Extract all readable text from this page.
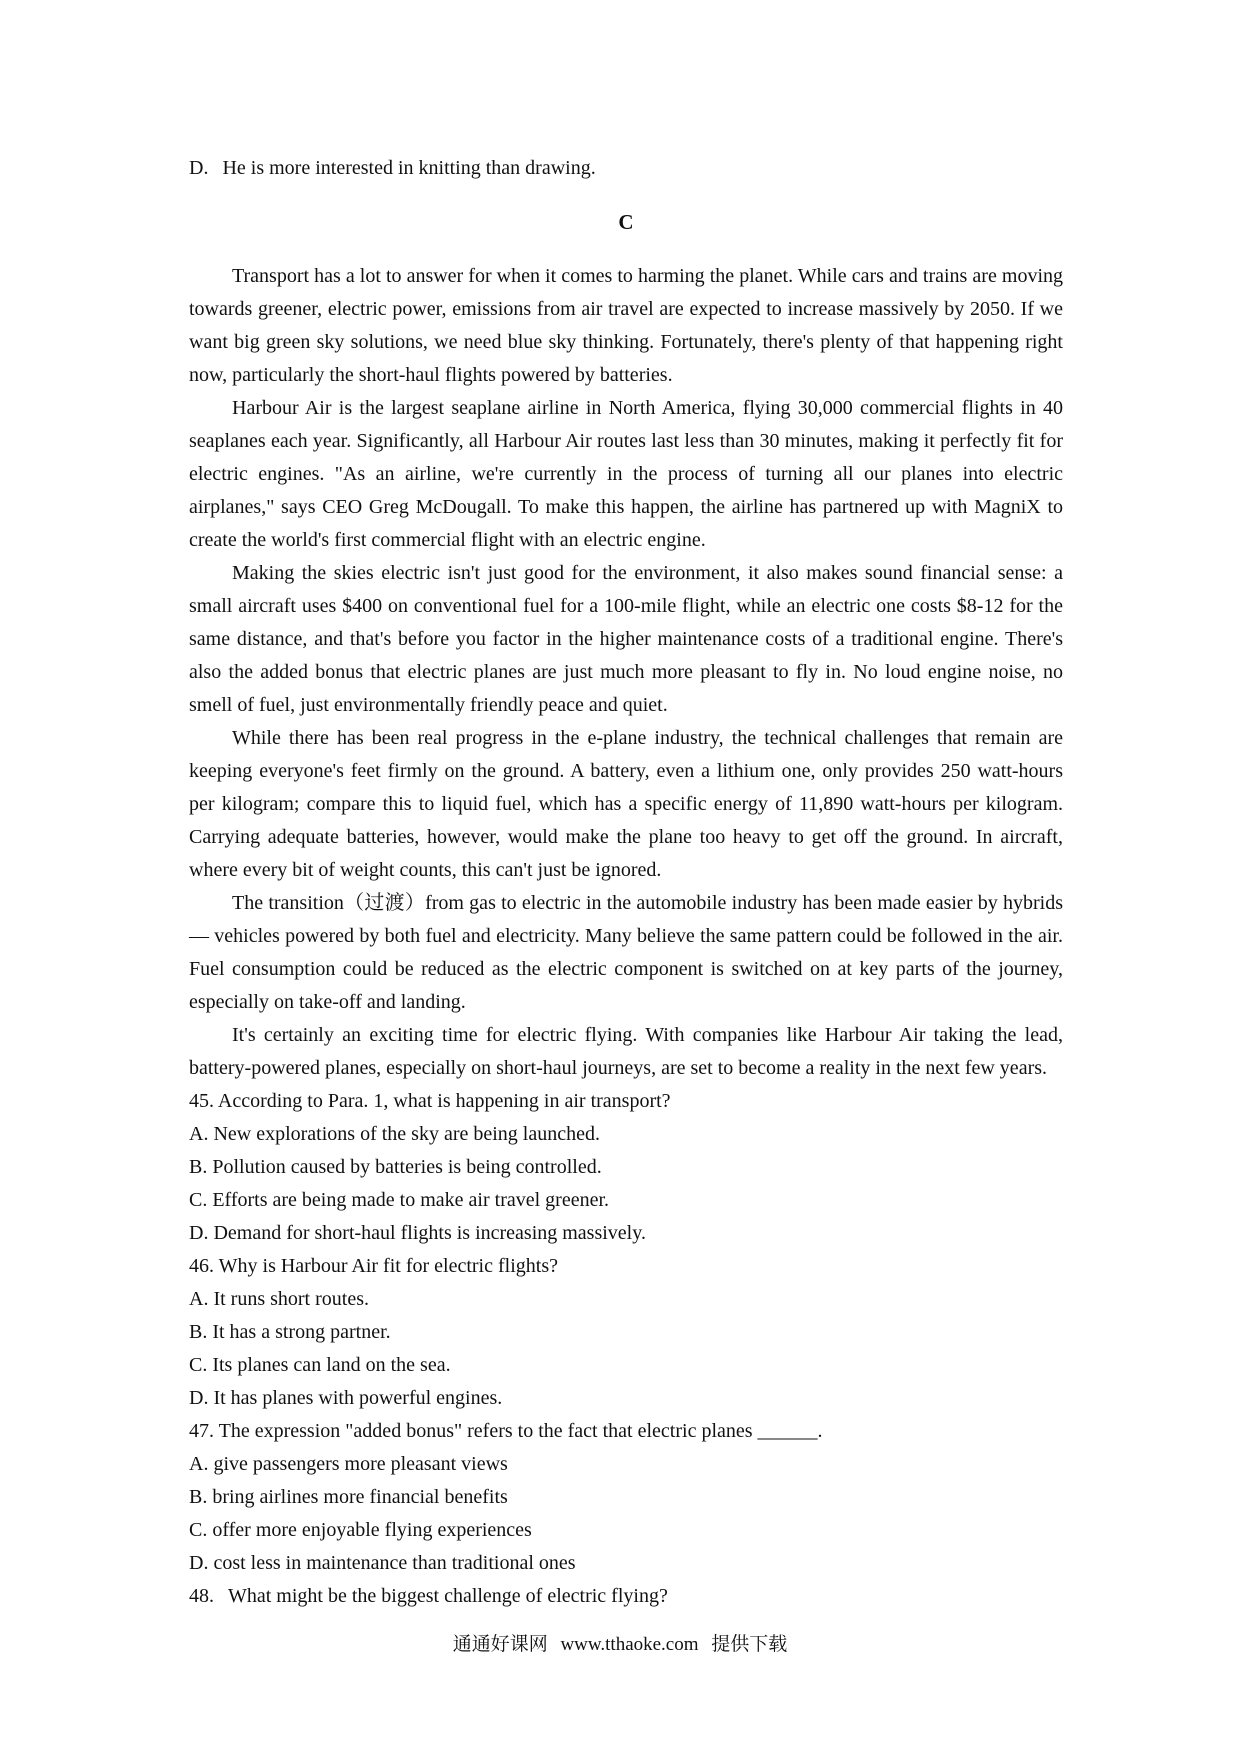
D. He is more interested in knitting than drawing.

C

Transport has a lot to answer for when it comes to harming the planet. While cars and trains are moving towards greener, electric power, emissions from air travel are expected to increase massively by 2050. If we want big green sky solutions, we need blue sky thinking. Fortunately, there's plenty of that happening right now, particularly the short-haul flights powered by batteries.

Harbour Air is the largest seaplane airline in North America, flying 30,000 commercial flights in 40 seaplanes each year. Significantly, all Harbour Air routes last less than 30 minutes, making it perfectly fit for electric engines. "As an airline, we're currently in the process of turning all our planes into electric airplanes," says CEO Greg McDougall. To make this happen, the airline has partnered up with MagniX to create the world's first commercial flight with an electric engine.

Making the skies electric isn't just good for the environment, it also makes sound financial sense: a small aircraft uses $400 on conventional fuel for a 100-mile flight, while an electric one costs $8-12 for the same distance, and that's before you factor in the higher maintenance costs of a traditional engine. There's also the added bonus that electric planes are just much more pleasant to fly in. No loud engine noise, no smell of fuel, just environmentally friendly peace and quiet.

While there has been real progress in the e-plane industry, the technical challenges that remain are keeping everyone's feet firmly on the ground. A battery, even a lithium one, only provides 250 watt-hours per kilogram; compare this to liquid fuel, which has a specific energy of 11,890 watt-hours per kilogram. Carrying adequate batteries, however, would make the plane too heavy to get off the ground. In aircraft, where every bit of weight counts, this can't just be ignored.

The transition（过渡）from gas to electric in the automobile industry has been made easier by hybrids — vehicles powered by both fuel and electricity. Many believe the same pattern could be followed in the air. Fuel consumption could be reduced as the electric component is switched on at key parts of the journey, especially on take-off and landing.

It's certainly an exciting time for electric flying. With companies like Harbour Air taking the lead, battery-powered planes, especially on short-haul journeys, are set to become a reality in the next few years.

45. According to Para. 1, what is happening in air transport?

A. New explorations of the sky are being launched.

B. Pollution caused by batteries is being controlled.

C. Efforts are being made to make air travel greener.

D. Demand for short-haul flights is increasing massively.

46. Why is Harbour Air fit for electric flights?

A. It runs short routes.

B. It has a strong partner.

C. Its planes can land on the sea.

D. It has planes with powerful engines.

47. The expression "added bonus" refers to the fact that electric planes ______.

A. give passengers more pleasant views

B. bring airlines more financial benefits

C. offer more enjoyable flying experiences

D. cost less in maintenance than traditional ones

48. What might be the biggest challenge of electric flying?

通通好课网 www.tthaoke.com 提供下载
